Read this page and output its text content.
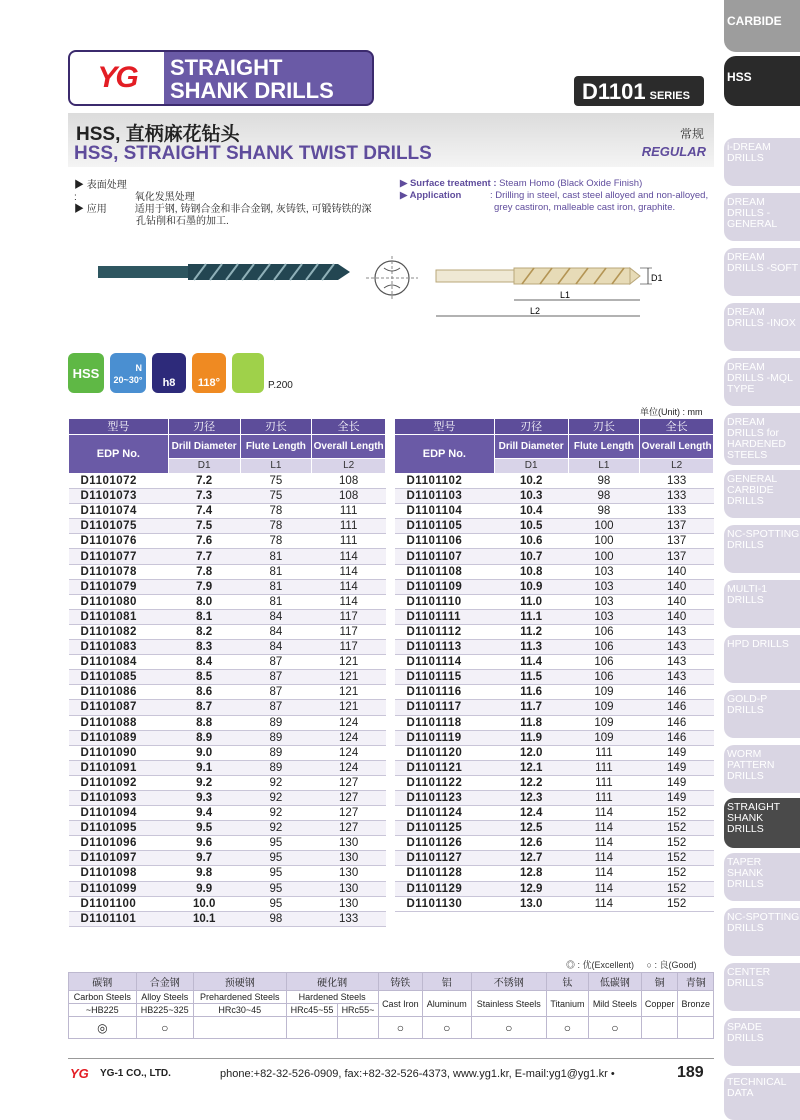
CARBIDE
HSS
i-DREAM DRILLS
DREAM DRILLS -GENERAL
DREAM DRILLS -SOFT
DREAM DRILLS -INOX
DREAM DRILLS -MQL TYPE
DREAM DRILLS for HARDENED STEELS
GENERAL CARBIDE DRILLS
NC-SPOTTING DRILLS
MULTI-1 DRILLS
HPD DRILLS
GOLD-P DRILLS
WORM PATTERN DRILLS
STRAIGHT SHANK DRILLS
TAPER SHANK DRILLS
NC-SPOTTING DRILLS
CENTER DRILLS
SPADE DRILLS
TECHNICAL DATA
YG STRAIGHT
SHANK DRILLS	D1101 SERIES
HSS, 直柄麻花钻头
HSS, STRAIGHT SHANK TWIST DRILLS
常规
REGULAR
▶ 表面处理 :	氧化发黑处理
▶ 应用	适用于钢, 铸钢合金和非合金钢, 灰铸铁, 可锻铸铁的深
孔钻削和石墨的加工.
▶ Surface treatment : Steam Homo (Black Oxide Finish)
▶ Application	: Drilling in steel, cast steel alloyed and non-alloyed,
grey castiron, malleable cast iron, graphite.
L1
L2
D1
HSS	N
20~30°	h8	118°	P.200
单位(Unit) : mm
型号	刃径	刃长	全长
EDP No.	Drill Diameter	Flute Length	Overall Length
	D1	L1	L2
D1101072	7.2	75	108
D1101073	7.3	75	108
D1101074	7.4	78	111
D1101075	7.5	78	111
D1101076	7.6	78	111
D1101077	7.7	81	114
D1101078	7.8	81	114
D1101079	7.9	81	114
D1101080	8.0	81	114
D1101081	8.1	84	117
D1101082	8.2	84	117
D1101083	8.3	84	117
D1101084	8.4	87	121
D1101085	8.5	87	121
D1101086	8.6	87	121
D1101087	8.7	87	121
D1101088	8.8	89	124
D1101089	8.9	89	124
D1101090	9.0	89	124
D1101091	9.1	89	124
D1101092	9.2	92	127
D1101093	9.3	92	127
D1101094	9.4	92	127
D1101095	9.5	92	127
D1101096	9.6	95	130
D1101097	9.7	95	130
D1101098	9.8	95	130
D1101099	9.9	95	130
D1101100	10.0	95	130
D1101101	10.1	98	133
型号	刃径	刃长	全长
EDP No.	Drill Diameter	Flute Length	Overall Length
	D1	L1	L2
D1101102	10.2	98	133
D1101103	10.3	98	133
D1101104	10.4	98	133
D1101105	10.5	100	137
D1101106	10.6	100	137
D1101107	10.7	100	137
D1101108	10.8	103	140
D1101109	10.9	103	140
D1101110	11.0	103	140
D1101111	11.1	103	140
D1101112	11.2	106	143
D1101113	11.3	106	143
D1101114	11.4	106	143
D1101115	11.5	106	143
D1101116	11.6	109	146
D1101117	11.7	109	146
D1101118	11.8	109	146
D1101119	11.9	109	146
D1101120	12.0	111	149
D1101121	12.1	111	149
D1101122	12.2	111	149
D1101123	12.3	111	149
D1101124	12.4	114	152
D1101125	12.5	114	152
D1101126	12.6	114	152
D1101127	12.7	114	152
D1101128	12.8	114	152
D1101129	12.9	114	152
D1101130	13.0	114	152
◎ : 优(Excellent) ○ : 良(Good)
碳钢	合金钢	预硬钢	硬化钢		铸铁	铝	不锈钢	钛	低碳钢	铜	青铜
Carbon Steels	Alloy Steels	Prehardened Steels	Hardened Steels		Cast Iron	Aluminum	Stainless Steels	Titanium	Mild Steels	Copper	Bronze
~HB225	HB225~325	HRc30~45	HRc45~55	HRc55~							
◎	○				○	○	○	○	○		
YG YG-1 CO., LTD.	phone:+82-32-526-0909, fax:+82-32-526-4373, www.yg1.kr, E-mail:yg1@yg1.kr •	189
